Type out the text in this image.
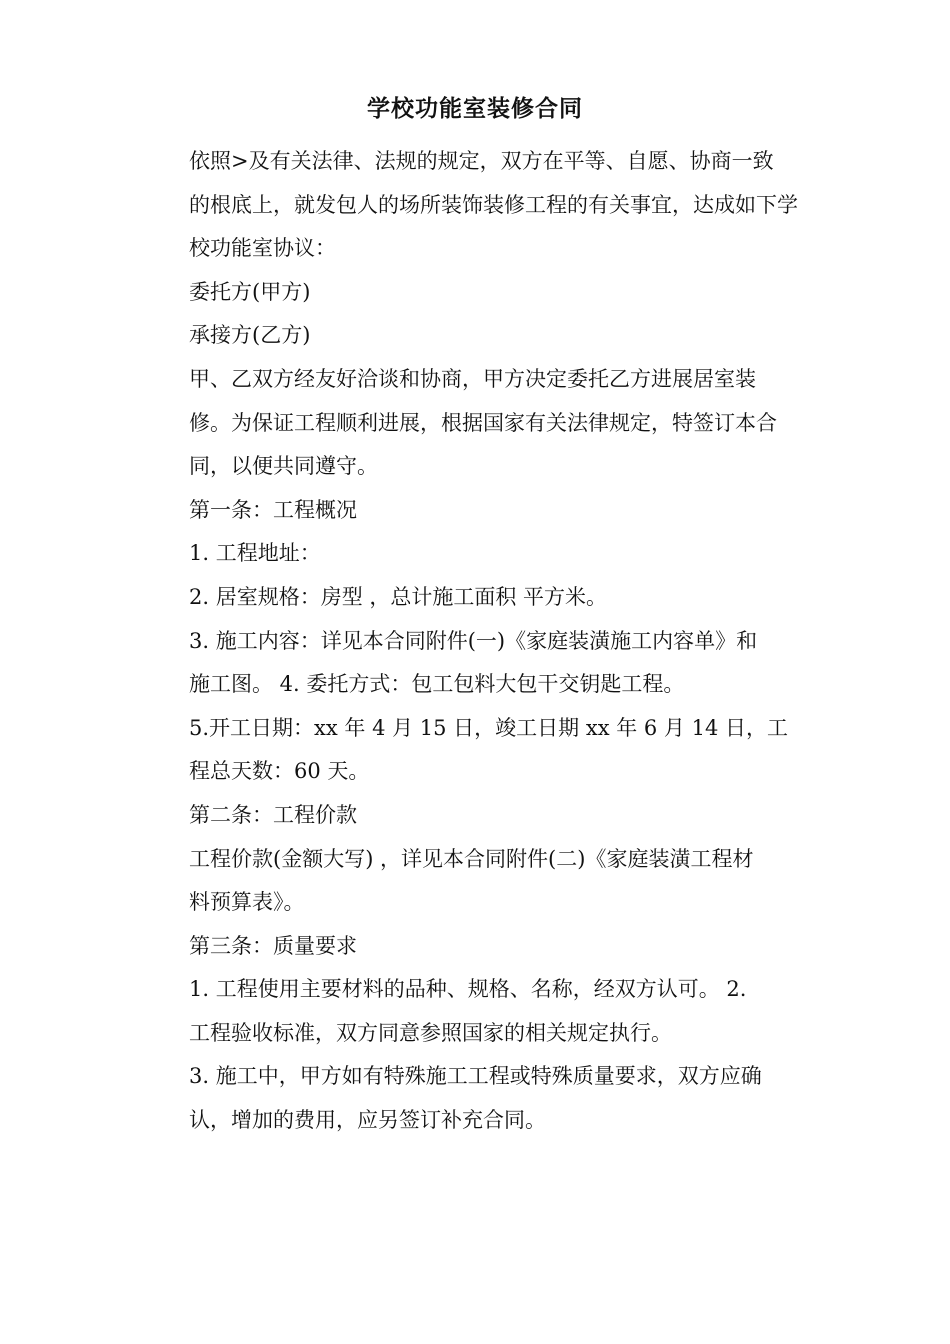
学校功能室装修合同

依照>及有关法律、法规的规定，双方在平等、自愿、协商一致
的根底上，就发包人的场所装饰装修工程的有关事宜，达成如下学
校功能室协议：

委托方(甲方)

承接方(乙方)

甲、乙双方经友好洽谈和协商，甲方决定委托乙方进展居室装
修。为保证工程顺利进展，根据国家有关法律规定，特签订本合
同，以便共同遵守。

第一条：工程概况

1. 工程地址：

2. 居室规格：房型 ，总计施工面积 平方米。

3. 施工内容：详见本合同附件(一)《家庭装潢施工内容单》和
施工图。 4. 委托方式：包工包料大包干交钥匙工程。

5.开工日期：xx 年 4 月 15 日，竣工日期 xx 年 6 月 14 日，工
程总天数：60 天。

第二条：工程价款

工程价款(金额大写) ，详见本合同附件(二)《家庭装潢工程材
料预算表》。

第三条：质量要求

1. 工程使用主要材料的品种、规格、名称，经双方认可。 2.
工程验收标准，双方同意参照国家的相关规定执行。

3. 施工中，甲方如有特殊施工工程或特殊质量要求，双方应确
认，增加的费用，应另签订补充合同。
